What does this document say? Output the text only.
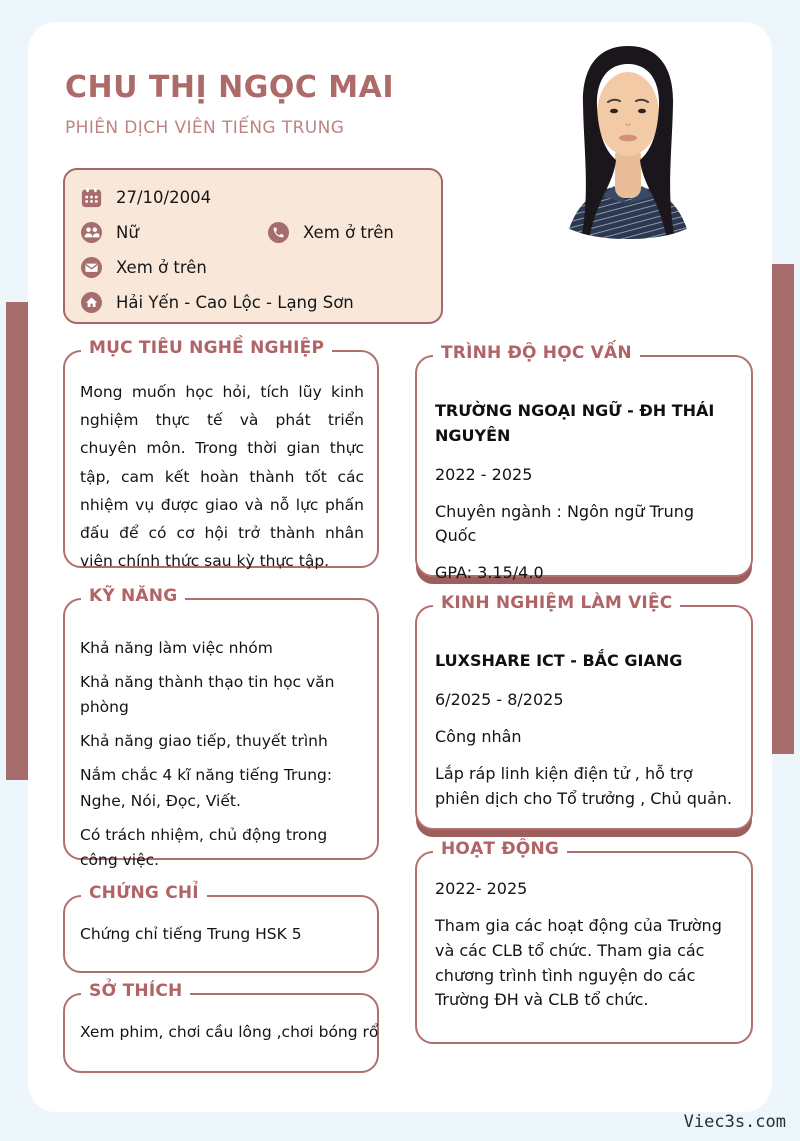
CHU THỊ NGỌC MAI
PHIÊN DỊCH VIÊN TIẾNG TRUNG
27/10/2004
Nữ	Xem ở trên
Xem ở trên
Hải Yến - Cao Lộc - Lạng Sơn
MỤC TIÊU NGHỀ NGHIỆP

Mong muốn học hỏi, tích lũy kinh nghiệm thực tế và phát triển chuyên môn. Trong thời gian thực tập, cam kết hoàn thành tốt các nhiệm vụ được giao và nỗ lực phấn đấu để có cơ hội trở thành nhân viên chính thức sau kỳ thực tập.

KỸ NĂNG

Khả năng làm việc nhóm

Khả năng thành thạo tin học văn phòng

Khả năng giao tiếp, thuyết trình

Nắm chắc 4 kĩ năng tiếng Trung: Nghe, Nói, Đọc, Viết.

Có trách nhiệm, chủ động trong công việc.

CHỨNG CHỈ

Chứng chỉ tiếng Trung HSK 5

SỞ THÍCH

Xem phim, chơi cầu lông ,chơi bóng rổ

TRÌNH ĐỘ HỌC VẤN

TRƯỜNG NGOẠI NGỮ - ĐH THÁI NGUYÊN

2022 - 2025

Chuyên ngành : Ngôn ngữ Trung Quốc

GPA: 3.15/4.0

KINH NGHIỆM LÀM VIỆC

LUXSHARE ICT - BẮC GIANG

6/2025 - 8/2025

Công nhân

Lắp ráp linh kiện điện tử , hỗ trợ phiên dịch cho Tổ trưởng , Chủ quản.

HOẠT ĐỘNG

2022- 2025

Tham gia các hoạt động của Trường và các CLB tổ chức. Tham gia các chương trình tình nguyện do các Trường ĐH và CLB tổ chức.

Viec3s.com
